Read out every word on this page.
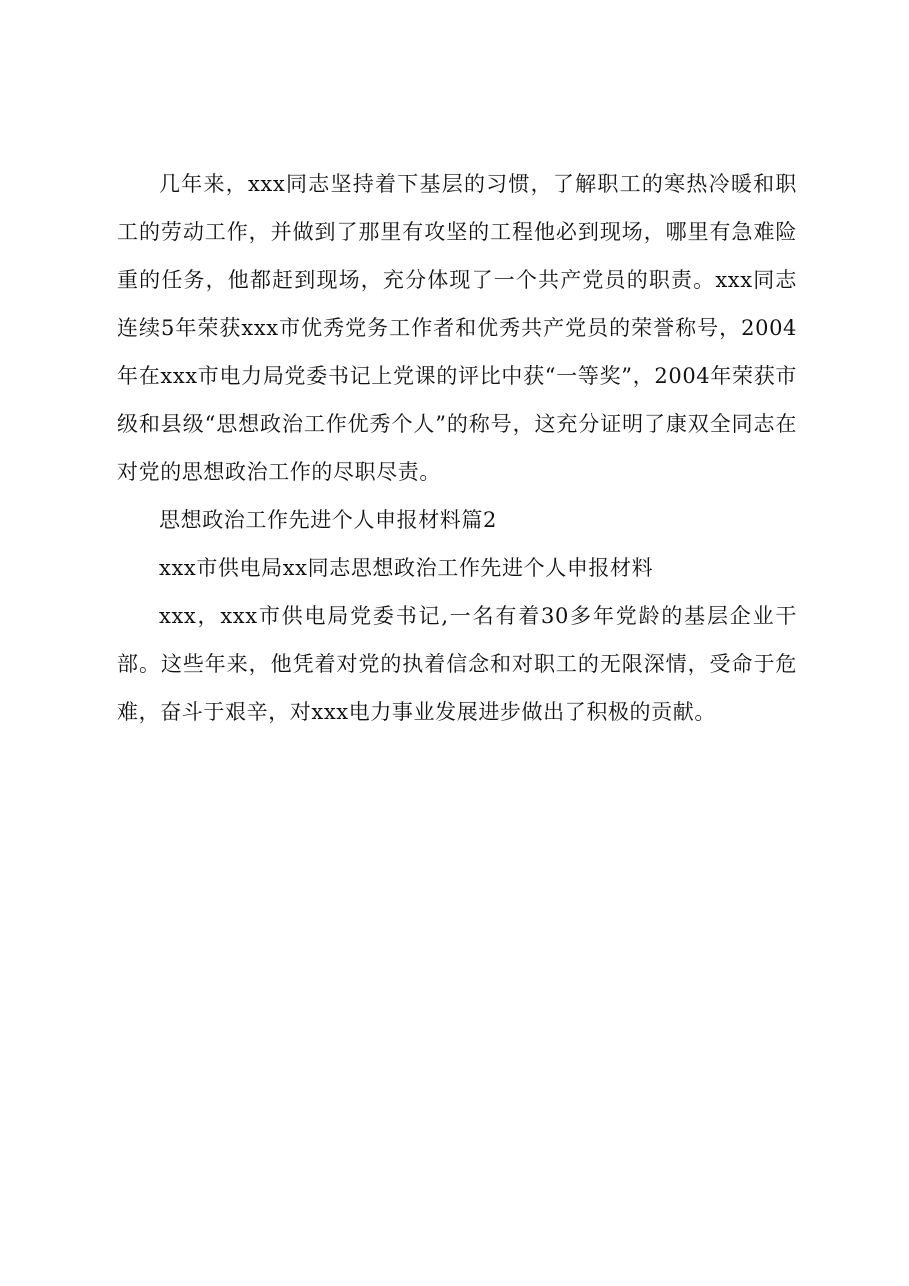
几年来，xxx同志坚持着下基层的习惯，了解职工的寒热冷暖和职工的劳动工作，并做到了那里有攻坚的工程他必到现场，哪里有急难险重的任务，他都赶到现场，充分体现了一个共产党员的职责。xxx同志连续5年荣获xxx市优秀党务工作者和优秀共产党员的荣誉称号，2004年在xxx市电力局党委书记上党课的评比中获“一等奖”，2004年荣获市级和县级“思想政治工作优秀个人”的称号，这充分证明了康双全同志在对党的思想政治工作的尽职尽责。

思想政治工作先进个人申报材料篇2

xxx市供电局xx同志思想政治工作先进个人申报材料

xxx，xxx市供电局党委书记,一名有着30多年党龄的基层企业干部。这些年来，他凭着对党的执着信念和对职工的无限深情，受命于危难，奋斗于艰辛，对xxx电力事业发展进步做出了积极的贡献。
